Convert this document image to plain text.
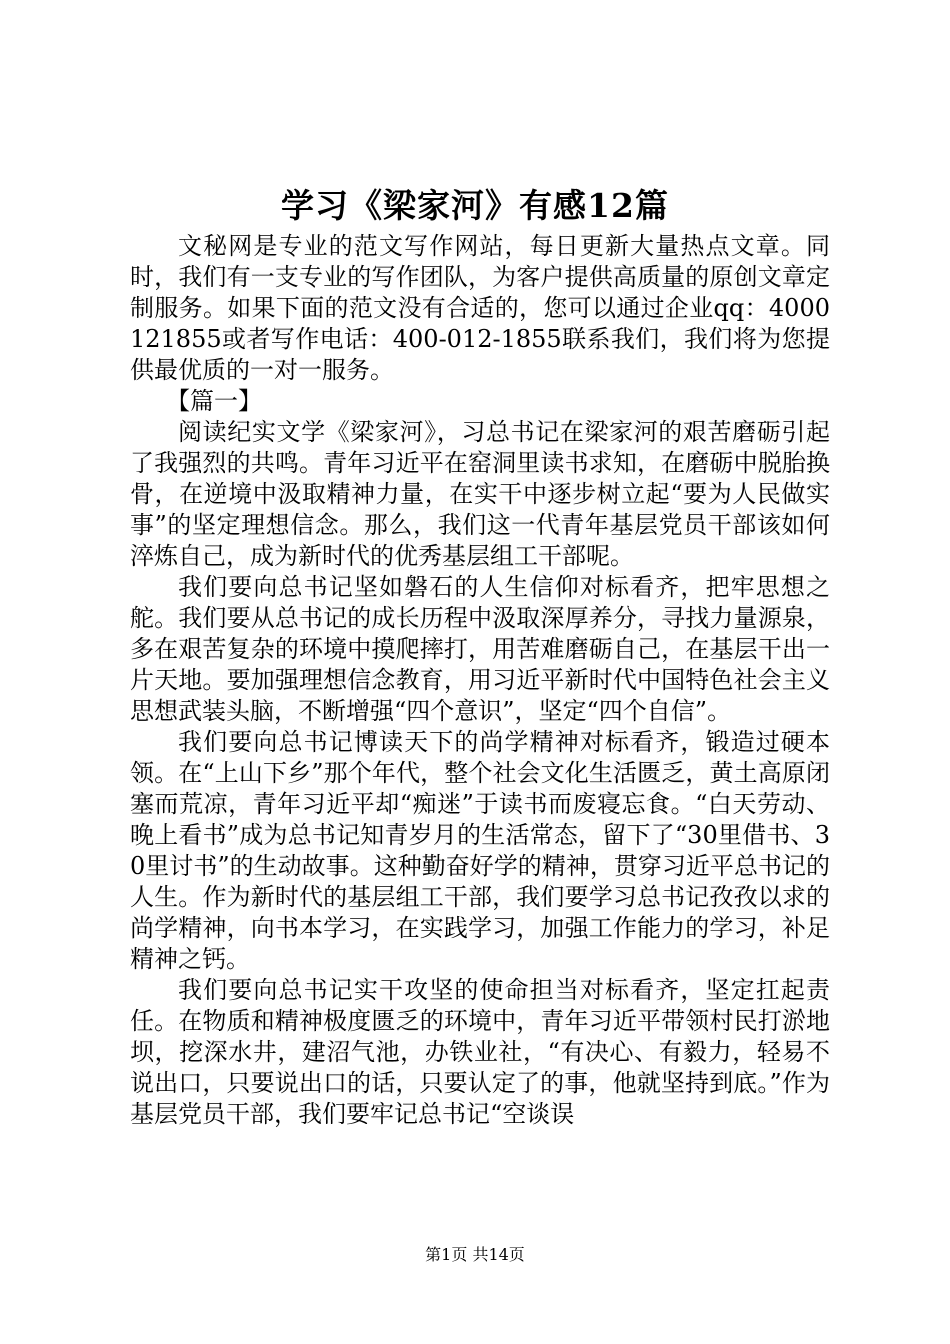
学习《梁家河》有感12篇

文秘网是专业的范文写作网站，每日更新大量热点文章。同时，我们有一支专业的写作团队，为客户提供高质量的原创文章定制服务。如果下面的范文没有合适的，您可以通过企业qq：4000121855或者写作电话：400-012-1855联系我们，我们将为您提供最优质的一对一服务。

【篇一】

阅读纪实文学《梁家河》，习总书记在梁家河的艰苦磨砺引起了我强烈的共鸣。青年习近平在窑洞里读书求知，在磨砺中脱胎换骨，在逆境中汲取精神力量，在实干中逐步树立起“要为人民做实事”的坚定理想信念。那么，我们这一代青年基层党员干部该如何淬炼自己，成为新时代的优秀基层组工干部呢。

我们要向总书记坚如磐石的人生信仰对标看齐，把牢思想之舵。我们要从总书记的成长历程中汲取深厚养分，寻找力量源泉，多在艰苦复杂的环境中摸爬摔打，用苦难磨砺自己，在基层干出一片天地。要加强理想信念教育，用习近平新时代中国特色社会主义思想武装头脑，不断增强“四个意识”，坚定“四个自信”。

我们要向总书记博读天下的尚学精神对标看齐，锻造过硬本领。在“上山下乡”那个年代，整个社会文化生活匮乏，黄土高原闭塞而荒凉，青年习近平却“痴迷”于读书而废寝忘食。“白天劳动、晚上看书”成为总书记知青岁月的生活常态，留下了“30里借书、30里讨书”的生动故事。这种勤奋好学的精神，贯穿习近平总书记的人生。作为新时代的基层组工干部，我们要学习总书记孜孜以求的尚学精神，向书本学习，在实践学习，加强工作能力的学习，补足精神之钙。

我们要向总书记实干攻坚的使命担当对标看齐，坚定扛起责任。在物质和精神极度匮乏的环境中，青年习近平带领村民打淤地坝，挖深水井，建沼气池，办铁业社，“有决心、有毅力，轻易不说出口，只要说出口的话，只要认定了的事，他就坚持到底。”作为基层党员干部，我们要牢记总书记“空谈误

第1页 共14页
